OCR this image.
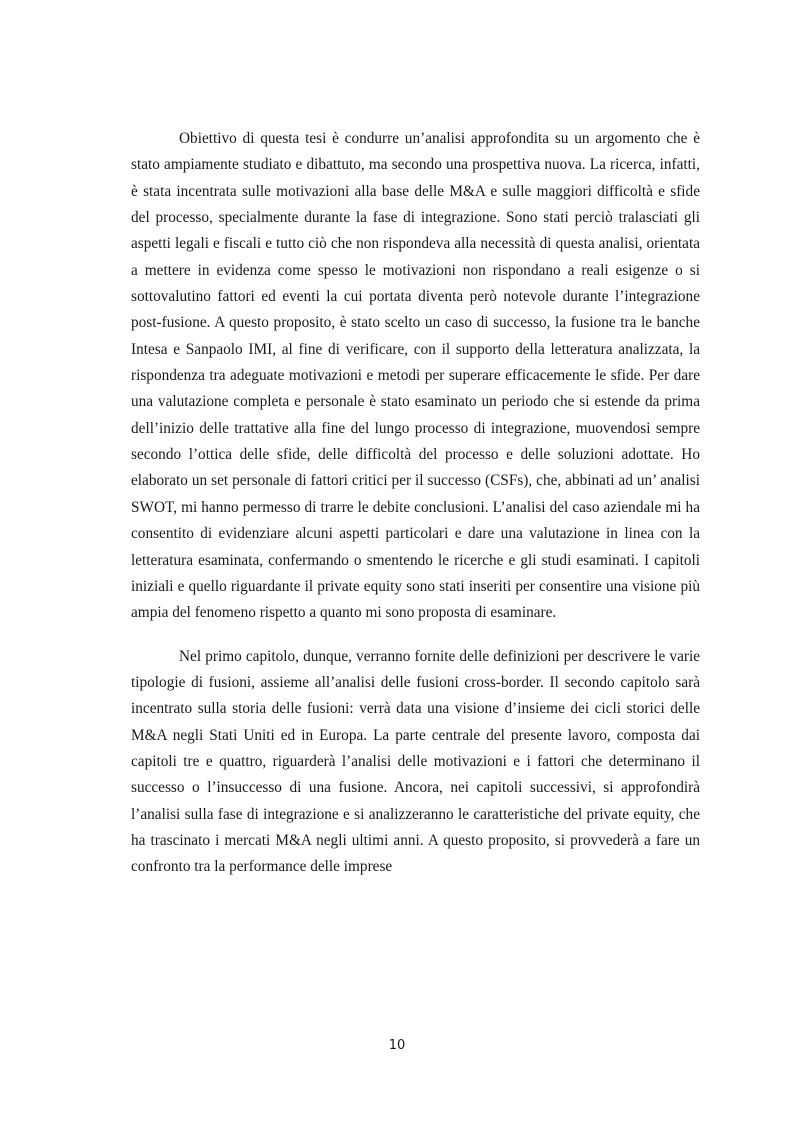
Obiettivo di questa tesi è condurre un’analisi approfondita su un argomento che è stato ampiamente studiato e dibattuto, ma secondo una prospettiva nuova. La ricerca, infatti, è stata incentrata sulle motivazioni alla base delle M&A e sulle maggiori difficoltà e sfide del processo, specialmente durante la fase di integrazione. Sono stati perciò tralasciati gli aspetti legali e fiscali e tutto ciò che non rispondeva alla necessità di questa analisi, orientata a mettere in evidenza come spesso le motivazioni non rispondano a reali esigenze o si sottovalutino fattori ed eventi la cui portata diventa però notevole durante l’integrazione post-fusione. A questo proposito, è stato scelto un caso di successo, la fusione tra le banche Intesa e Sanpaolo IMI, al fine di verificare, con il supporto della letteratura analizzata, la rispondenza tra adeguate motivazioni e metodi per superare efficacemente le sfide. Per dare una valutazione completa e personale è stato esaminato un periodo che si estende da prima dell’inizio delle trattative alla fine del lungo processo di integrazione, muovendosi sempre secondo l’ottica delle sfide, delle difficoltà del processo e delle soluzioni adottate. Ho elaborato un set personale di fattori critici per il successo (CSFs), che, abbinati ad un’ analisi SWOT, mi hanno permesso di trarre le debite conclusioni. L’analisi del caso aziendale mi ha consentito di evidenziare alcuni aspetti particolari e dare una valutazione in linea con la letteratura esaminata, confermando o smentendo le ricerche e gli studi esaminati. I capitoli iniziali e quello riguardante il private equity sono stati inseriti per consentire una visione più ampia del fenomeno rispetto a quanto mi sono proposta di esaminare.

Nel primo capitolo, dunque, verranno fornite delle definizioni per descrivere le varie tipologie di fusioni, assieme all’analisi delle fusioni cross-border. Il secondo capitolo sarà incentrato sulla storia delle fusioni: verrà data una visione d’insieme dei cicli storici delle M&A negli Stati Uniti ed in Europa. La parte centrale del presente lavoro, composta dai capitoli tre e quattro, riguarderà l’analisi delle motivazioni e i fattori che determinano il successo o l’insuccesso di una fusione. Ancora, nei capitoli successivi, si approfondirà l’analisi sulla fase di integrazione e si analizzeranno le caratteristiche del private equity, che ha trascinato i mercati M&A negli ultimi anni. A questo proposito, si provvederà a fare un confronto tra la performance delle imprese

10
